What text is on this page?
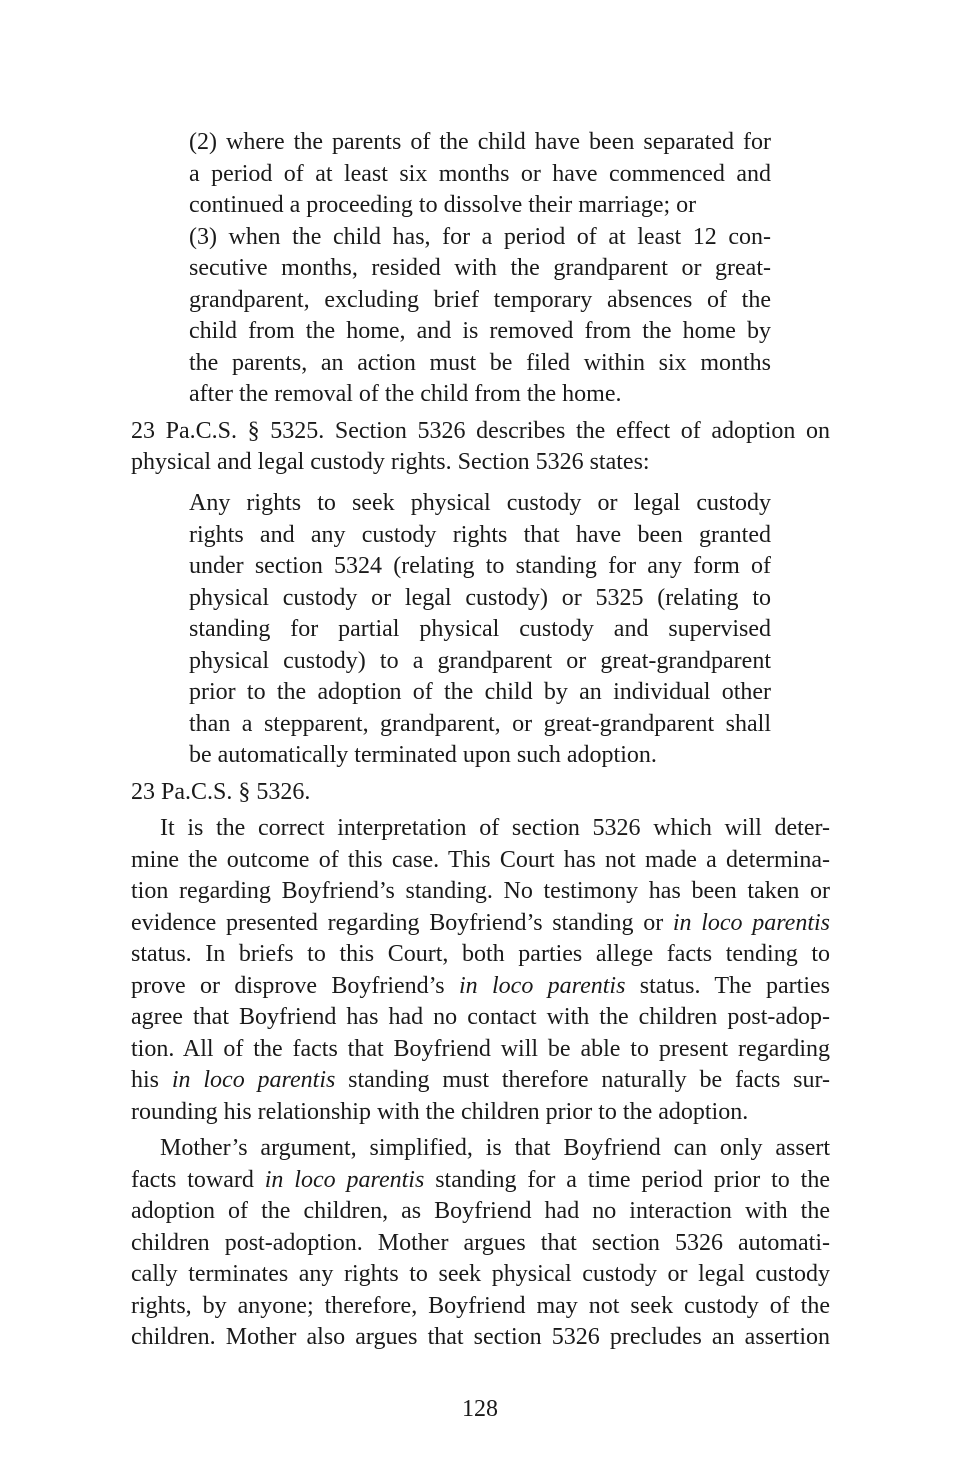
(2) where the parents of the child have been separated for

a period of at least six months or have commenced and

continued a proceeding to dissolve their marriage; or

(3) when the child has, for a period of at least 12 con-

secutive months, resided with the grandparent or great-

grandparent, excluding brief temporary absences of the

child from the home, and is removed from the home by

the parents, an action must be filed within six months

after the removal of the child from the home.

23 Pa.C.S. § 5325. Section 5326 describes the effect of adoption on

physical and legal custody rights. Section 5326 states:

Any rights to seek physical custody or legal custody

rights and any custody rights that have been granted

under section 5324 (relating to standing for any form of

physical custody or legal custody) or 5325 (relating to

standing for partial physical custody and supervised

physical custody) to a grandparent or great-grandparent

prior to the adoption of the child by an individual other

than a stepparent, grandparent, or great-grandparent shall

be automatically terminated upon such adoption.

23 Pa.C.S. § 5326.

It is the correct interpretation of section 5326 which will deter-

mine the outcome of this case. This Court has not made a determina-

tion regarding Boyfriend’s standing. No testimony has been taken or

evidence presented regarding Boyfriend’s standing or in loco parentis

status. In briefs to this Court, both parties allege facts tending to

prove or disprove Boyfriend’s in loco parentis status. The parties

agree that Boyfriend has had no contact with the children post-adop-

tion. All of the facts that Boyfriend will be able to present regarding

his in loco parentis standing must therefore naturally be facts sur-

rounding his relationship with the children prior to the adoption.

Mother’s argument, simplified, is that Boyfriend can only assert

facts toward in loco parentis standing for a time period prior to the

adoption of the children, as Boyfriend had no interaction with the

children post-adoption. Mother argues that section 5326 automati-

cally terminates any rights to seek physical custody or legal custody

rights, by anyone; therefore, Boyfriend may not seek custody of the

children. Mother also argues that section 5326 precludes an assertion

128
